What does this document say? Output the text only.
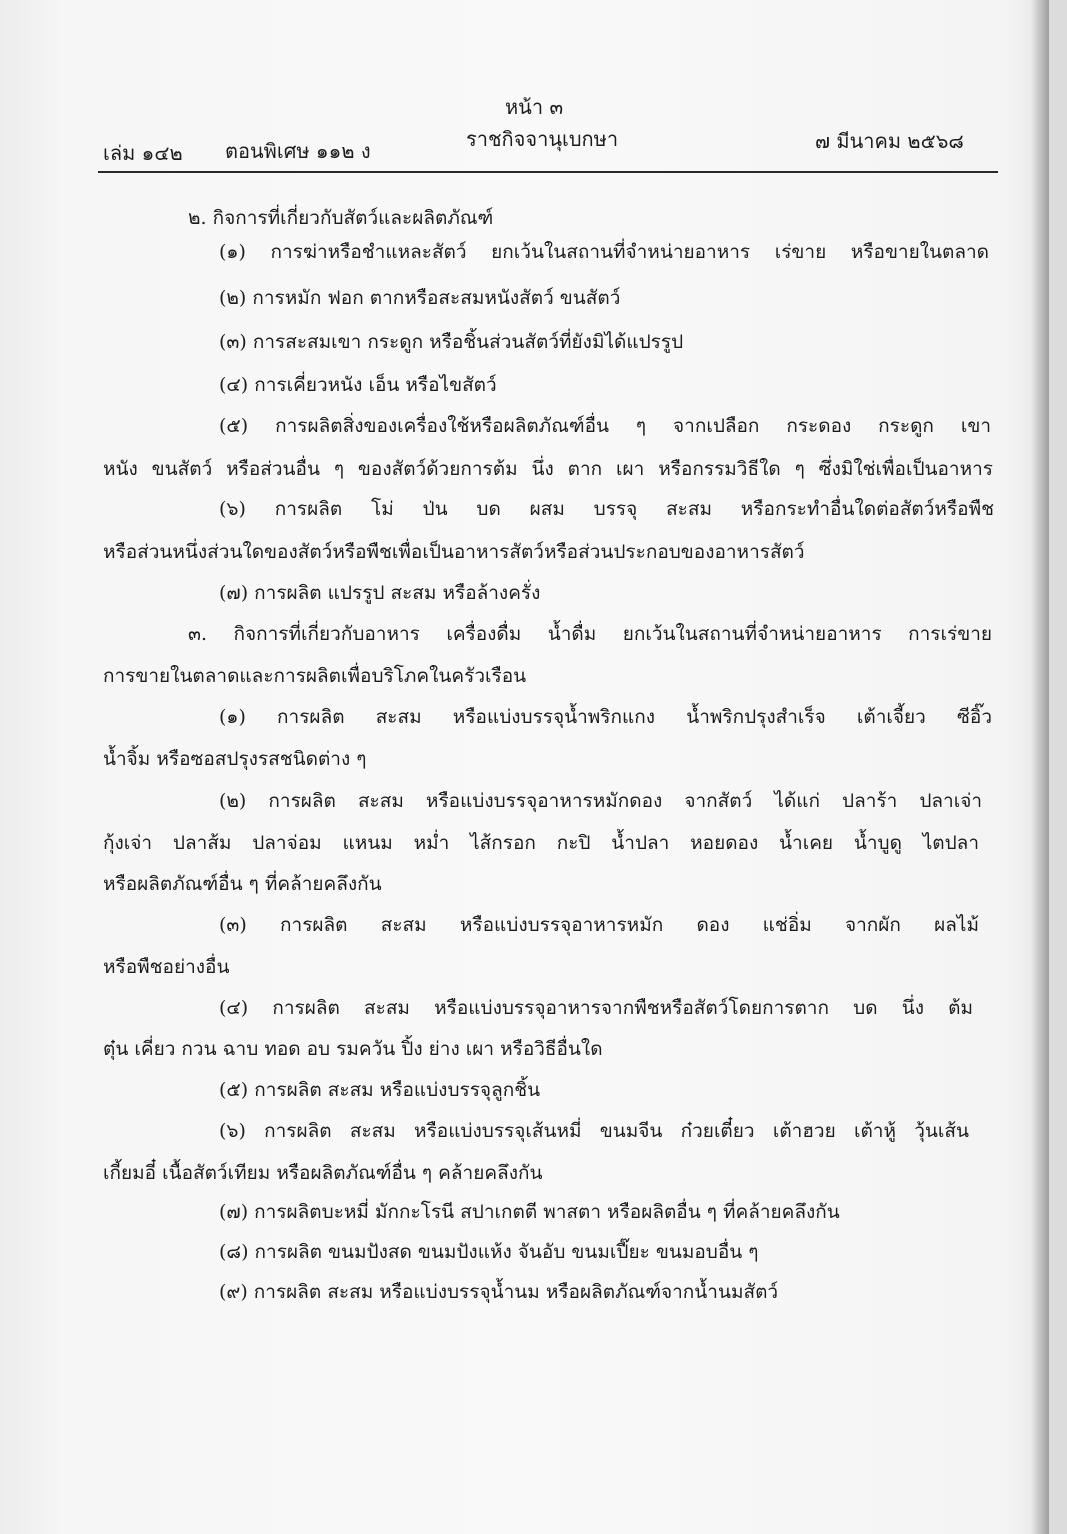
หน้า ๓
เล่ม ๑๔๒ ตอนพิเศษ ๑๑๒ ง	ราชกิจจานุเบกษา	๗ มีนาคม ๒๕๖๘
๒. กิจการที่เกี่ยวกับสัตว์และผลิตภัณฑ์
(๑) การฆ่าหรือชำแหละสัตว์ ยกเว้นในสถานที่จำหน่ายอาหาร เร่ขาย หรือขายในตลาด
(๒) การหมัก ฟอก ตากหรือสะสมหนังสัตว์ ขนสัตว์
(๓) การสะสมเขา กระดูก หรือชิ้นส่วนสัตว์ที่ยังมิได้แปรรูป
(๔) การเคี่ยวหนัง เอ็น หรือไขสัตว์
(๕) การผลิตสิ่งของเครื่องใช้หรือผลิตภัณฑ์อื่น ๆ จากเปลือก กระดอง กระดูก เขา
หนัง ขนสัตว์ หรือส่วนอื่น ๆ ของสัตว์ด้วยการต้ม นึ่ง ตาก เผา หรือกรรมวิธีใด ๆ ซึ่งมิใช่เพื่อเป็นอาหาร
(๖) การผลิต โม่ ป่น บด ผสม บรรจุ สะสม หรือกระทำอื่นใดต่อสัตว์หรือพืช
หรือส่วนหนึ่งส่วนใดของสัตว์หรือพืชเพื่อเป็นอาหารสัตว์หรือส่วนประกอบของอาหารสัตว์
(๗) การผลิต แปรรูป สะสม หรือล้างครั่ง
๓. กิจการที่เกี่ยวกับอาหาร เครื่องดื่ม น้ำดื่ม ยกเว้นในสถานที่จำหน่ายอาหาร การเร่ขาย
การขายในตลาดและการผลิตเพื่อบริโภคในครัวเรือน
(๑) การผลิต สะสม หรือแบ่งบรรจุน้ำพริกแกง น้ำพริกปรุงสำเร็จ เต้าเจี้ยว ซีอิ๊ว
น้ำจิ้ม หรือซอสปรุงรสชนิดต่าง ๆ
(๒) การผลิต สะสม หรือแบ่งบรรจุอาหารหมักดอง จากสัตว์ ได้แก่ ปลาร้า ปลาเจ่า
กุ้งเจ่า ปลาส้ม ปลาจ่อม แหนม หม่ำ ไส้กรอก กะปิ น้ำปลา หอยดอง น้ำเคย น้ำบูดู ไตปลา
หรือผลิตภัณฑ์อื่น ๆ ที่คล้ายคลึงกัน
(๓) การผลิต สะสม หรือแบ่งบรรจุอาหารหมัก ดอง แช่อิ่ม จากผัก ผลไม้
หรือพืชอย่างอื่น
(๔) การผลิต สะสม หรือแบ่งบรรจุอาหารจากพืชหรือสัตว์โดยการตาก บด นึ่ง ต้ม
ตุ๋น เคี่ยว กวน ฉาบ ทอด อบ รมควัน ปิ้ง ย่าง เผา หรือวิธีอื่นใด
(๕) การผลิต สะสม หรือแบ่งบรรจุลูกชิ้น
(๖) การผลิต สะสม หรือแบ่งบรรจุเส้นหมี่ ขนมจีน ก๋วยเตี๋ยว เต้าฮวย เต้าหู้ วุ้นเส้น
เกี้ยมอี๋ เนื้อสัตว์เทียม หรือผลิตภัณฑ์อื่น ๆ คล้ายคลึงกัน
(๗) การผลิตบะหมี่ มักกะโรนี สปาเกตตี พาสตา หรือผลิตอื่น ๆ ที่คล้ายคลึงกัน
(๘) การผลิต ขนมปังสด ขนมปังแห้ง จันอับ ขนมเปี๊ยะ ขนมอบอื่น ๆ
(๙) การผลิต สะสม หรือแบ่งบรรจุน้ำนม หรือผลิตภัณฑ์จากน้ำนมสัตว์
